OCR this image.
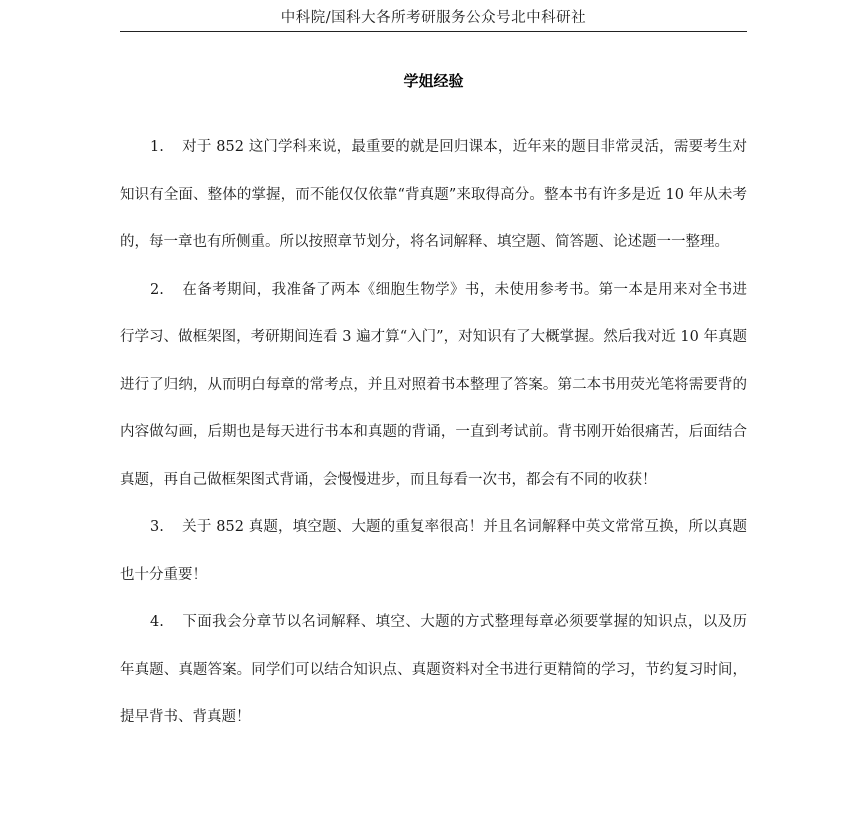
中科院/国科大各所考研服务公众号北中科研社
学姐经验

1. 对于 852 这门学科来说，最重要的就是回归课本，近年来的题目非常灵活，需要考生对知识有全面、整体的掌握，而不能仅仅依靠“背真题”来取得高分。整本书有许多是近 10 年从未考的，每一章也有所侧重。所以按照章节划分，将名词解释、填空题、简答题、论述题一一整理。

2. 在备考期间，我准备了两本《细胞生物学》书，未使用参考书。第一本是用来对全书进行学习、做框架图，考研期间连看 3 遍才算“入门”，对知识有了大概掌握。然后我对近 10 年真题进行了归纳，从而明白每章的常考点，并且对照着书本整理了答案。第二本书用荧光笔将需要背的内容做勾画，后期也是每天进行书本和真题的背诵，一直到考试前。背书刚开始很痛苦，后面结合真题，再自己做框架图式背诵，会慢慢进步，而且每看一次书，都会有不同的收获！

3. 关于 852 真题，填空题、大题的重复率很高！并且名词解释中英文常常互换，所以真题也十分重要！

4. 下面我会分章节以名词解释、填空、大题的方式整理每章必须要掌握的知识点，以及历年真题、真题答案。同学们可以结合知识点、真题资料对全书进行更精简的学习，节约复习时间，提早背书、背真题！
